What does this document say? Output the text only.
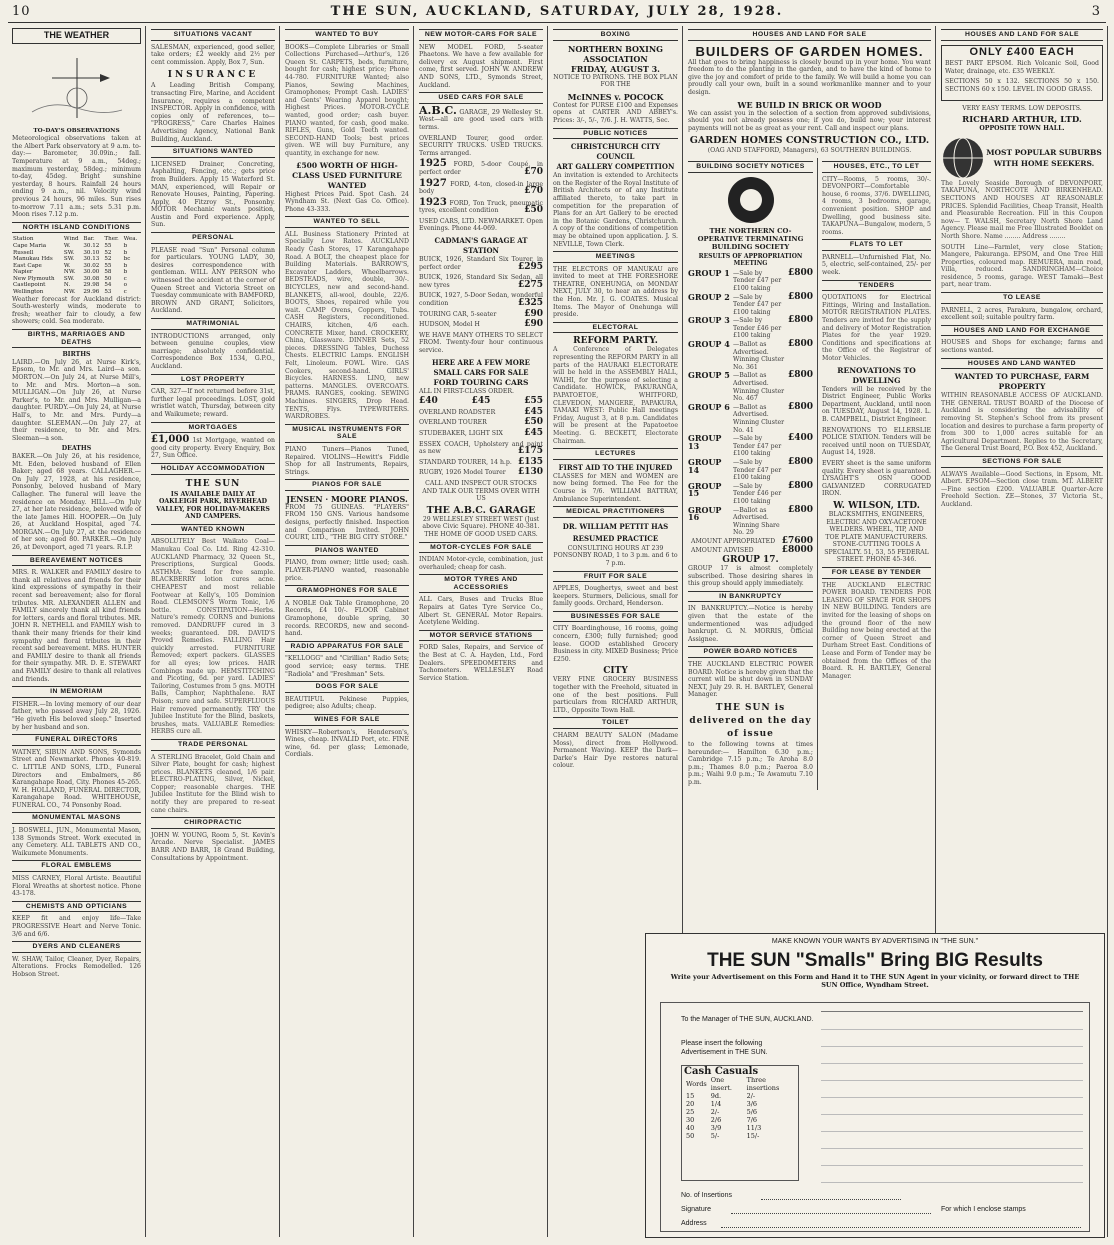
10	THE SUN, AUCKLAND, SATURDAY, JULY 28, 1928.	3
THE WEATHER
TO-DAY'S OBSERVATIONS
Meteorological observations taken at the Albert Park observatory at 9 a.m. to-day:— Barometer, 30.09in.; fall. Temperature at 9 a.m., 54deg.; maximum yesterday, 58deg.; minimum to-day, 45deg. Bright sunshine yesterday, 8 hours. Rainfall 24 hours ending 9 a.m., nil. Velocity wind previous 24 hours, 96 miles. Sun rises to-morrow 7.11 a.m.; sets 5.31 p.m. Moon rises 7.12 p.m.
NORTH ISLAND CONDITIONS
Station	Wind	Bar.	Ther.	Wea.
Cape Maria	W.	30.12	55	b
Russell	SW.	30.10	52	b
Manukau Hds	SW.	30.13	52	bc
East Cape	W.	30.02	55	b
Napier	NW.	30.00	58	b
New Plymouth	SW.	30.08	50	c
Castlepoint	N.	29.98	54	o
Wellington	NW.	29.96	53	c
Weather forecast for Auckland district: South-westerly winds, moderate to fresh; weather fair to cloudy, a few showers; cold. Sea moderate.
BIRTHS, MARRIAGES AND DEATHS
BIRTHS
LAIRD.—On July 26, at Nurse Kirk's, Epsom, to Mr. and Mrs. Laird—a son. MORTON.—On July 24, at Nurse Mill's, to Mr. and Mrs. Morton—a son. MULLIGAN.—On July 26, at Nurse Parker's, to Mr. and Mrs. Mulligan—a daughter. PURDY.—On July 24, at Nurse Hall's, to Mr. and Mrs. Purdy—a daughter. SLEEMAN.—On July 27, at their residence, to Mr. and Mrs. Sleeman—a son.
DEATHS
BAKER.—On July 26, at his residence, Mt. Eden, beloved husband of Ellen Baker; aged 68 years. CALLAGHER.—On July 27, 1928, at his residence, Ponsonby, beloved husband of Mary Callagher. The funeral will leave the residence on Monday. HILL.—On July 27, at her late residence, beloved wife of the late James Hill. HOOPER.—On July 26, at Auckland Hospital, aged 74. MORGAN.—On July 27, at the residence of her son; aged 80. PARKER.—On July 26, at Devonport, aged 71 years. R.I.P.
BEREAVEMENT NOTICES
MRS. R. WALKER and FAMILY desire to thank all relatives and friends for their kind expressions of sympathy in their recent sad bereavement; also for floral tributes. MR. ALEXANDER ALLEN and FAMILY sincerely thank all kind friends for letters, cards and floral tributes. MR. JOHN R. NETHELL and FAMILY wish to thank their many friends for their kind sympathy and floral tributes in their recent sad bereavement. MRS. HUNTER and FAMILY desire to thank all friends for their sympathy. MR. D. E. STEWART and FAMILY desire to thank all relatives and friends.
IN MEMORIAM
FISHER.—In loving memory of our dear father, who passed away July 28, 1926. "He giveth His beloved sleep." Inserted by her husband and son.
FUNERAL DIRECTORS
WATNEY, SIBUN AND SONS, Symonds Street and Newmarket. Phones 40-819. C. LITTLE AND SONS, LTD., Funeral Directors and Embalmers, 86 Karangahape Road, City. Phones 45-265. W. H. HOLLAND, FUNERAL DIRECTOR, Karangahape Road. WHITEHOUSE, FUNERAL CO., 74 Ponsonby Road.
MONUMENTAL MASONS
J. BOSWELL, JUN., Monumental Mason, 138 Symonds Street. Work executed in any Cemetery. ALL TABLETS AND CO., Waikumete Monuments.
FLORAL EMBLEMS
MISS CARNEY, Floral Artiste. Beautiful Floral Wreaths at shortest notice. Phone 43-178.
CHEMISTS AND OPTICIANS
KEEP fit and enjoy life—Take PROGRESSIVE Heart and Nerve Tonic. 3/6 and 6/6.
DYERS AND CLEANERS
W. SHAW, Tailor, Cleaner, Dyer, Repairs, Alterations. Frocks Remodelled. 126 Hobson Street.
SITUATIONS VACANT
SALESMAN, experienced, good seller, take orders; £2 weekly and 2½ per cent commission. Apply, Box 7, Sun.
INSURANCE
A Leading British Company, transacting Fire, Marine, and Accident Insurance, requires a competent INSPECTOR. Apply in confidence, with copies only of references, to— "PROGRESS," Care Charles Haines Advertising Agency, National Bank Building, Auckland.
SITUATIONS WANTED
LICENSED Drainer, Concreting, Asphalting, Fencing, etc.; gets price from Builders. Apply 15 Waterford St. MAN, experienced, will Repair or Renovate Houses, Painting, Papering. Apply, 40 Fitzroy St., Ponsonby. MOTOR Mechanic wants position, Austin and Ford experience. Apply, Sun.
PERSONAL
PLEASE read "Sun" Personal column for particulars. YOUNG LADY, 30, desires correspondence with gentleman. WILL ANY PERSON who witnessed the accident at the corner of Queen Street and Victoria Street on Tuesday communicate with BAMFORD, BROWN AND GRANT, Solicitors, Auckland.
MATRIMONIAL
INTRODUCTIONS arranged, only between genuine couples, view marriage; absolutely confidential. Correspondence Box 1534, G.P.O., Auckland.
LOST PROPERTY
CAR, 327—If not returned before 31st, further legal proceedings. LOST, gold wristlet watch, Thursday, between city and Waikumete; reward.
MORTGAGES
£1,000 1st Mortgage, wanted on good city property. Every Enquiry, Box 27, Sun Office.
HOLIDAY ACCOMMODATION
THE SUN
IS AVAILABLE DAILY AT OAKLEIGH PARK, RIVERHEAD VALLEY, FOR HOLIDAY-MAKERS AND CAMPERS.
WANTED KNOWN
ABSOLUTELY Best Waikato Coal—Manukau Coal Co. Ltd. Ring 42-310. AUCKLAND Pharmacy, 32 Queen St., Prescriptions, Surgical Goods. ASTHMA: Send for free sample. BLACKBERRY lotion cures acne. CHEAPEST and most reliable Footwear at Kelly's, 105 Dominion Road. CLEMSON'S Worm Tonic, 1/6 bottle. CONSTIPATION—Herbs. Nature's remedy. CORNS and bunions removed. DANDRUFF cured in 3 weeks; guaranteed. DR. DAVID'S Proved Remedies. FALLING Hair quickly arrested. FURNITURE Removed; expert packers. GLASSES for all eyes; low prices. HAIR Combings made up. HEMSTITCHING and Picoting, 6d. per yard. LADIES' Tailoring, Costumes from 5 gns. MOTH Balls, Camphor, Naphthalene. RAT Poison; sure and safe. SUPERFLUOUS Hair removed permanently. TRY the Jubilee Institute for the Blind, baskets, brushes, mats. VALUABLE Remedies: HERBS cure all.
TRADE PERSONAL
A STERLING Bracelet, Gold Chain and Silver Plate, bought for cash; highest prices. BLANKETS cleaned, 1/6 pair. ELECTRO-PLATING, Silver, Nickel, Copper; reasonable charges. THE Jubilee Institute for the Blind wish to notify they are prepared to re-seat cane chairs.
CHIROPRACTIC
JOHN W. YOUNG, Room 5, St. Kevin's Arcade. Nerve Specialist. JAMES BARR AND BARR, 18 Grand Building, Consultations by Appointment.
WANTED TO BUY
BOOKS—Complete Libraries or Small Collections Purchased—Arthur's, 126 Queen St. CARPETS, beds, furniture, bought for cash; highest price; Phone 44-780. FURNITURE Wanted; also Pianos, Sewing Machines, Gramophones; Prompt Cash. LADIES' and Gents' Wearing Apparel bought; Highest Prices. MOTOR-CYCLE wanted, good order; cash buyer. PIANO wanted, for cash, good make. RIFLES, Guns, Gold Teeth wanted. SECOND-HAND Tools; best prices given. WE will buy Furniture, any quantity, in exchange for new.
£500 WORTH OF HIGH-CLASS USED FURNITURE WANTED
Highest Prices Paid. Spot Cash. 24 Wyndham St. (Next Gas Co. Office). Phone 43-333.
WANTED TO SELL
ALL Business Stationery Printed at Specially Low Rates. AUCKLAND Ready Cash Stores, 17 Karangahape Road. A BOLT, the cheapest place for Building Materials. BARROW'S, Excavator Ladders, Wheelbarrows. BEDSTEADS, wire, double, 30/-. BICYCLES, new and second-hand. BLANKETS, all-wool, double, 22/6. BOOTS, Shoes, repaired while you wait. CAMP Ovens, Coppers, Tubs. CASH Registers, reconditioned. CHAIRS, kitchen, 4/6 each. CONCRETE Mixer, hand. CROCKERY, China, Glassware. DINNER Sets, 52 pieces. DRESSING Tables, Duchess Chests. ELECTRIC Lamps. ENGLISH Felt, Linoleum. FOWL Wire. GAS Cookers, second-hand. GIRLS' Bicycles. HARNESS. LINO, new patterns. MANGLES. OVERCOATS. PRAMS. RANGES, cooking. SEWING Machines. SINGERS, Drop Head. TENTS, Flys. TYPEWRITERS. WARDROBES.
MUSICAL INSTRUMENTS FOR SALE
PIANO Tuners—Pianos Tuned, Repaired. VIOLINS—Hewitt's Fiddle Shop for all Instruments, Repairs, Strings.
PIANOS FOR SALE
JENSEN · MOORE PIANOS.
FROM 75 GUINEAS. "PLAYERS" FROM 150 GNS. Various handsome designs, perfectly finished. Inspection and Comparison Invited. JOHN COURT, LTD., "THE BIG CITY STORE."
PIANOS WANTED
PIANO, from owner; little used; cash. PLAYER-PIANO wanted, reasonable price.
GRAMOPHONES FOR SALE
A NOBLE Oak Table Gramophone, 20 Records, £4 10/-. FLOOR Cabinet Gramophone, double spring, 30 records. RECORDS, new and second-hand.
RADIO APPARATUS FOR SALE
"KELLOGG" and "Cirillian" Radio Sets; good service; easy terms. THE "Radiola" and "Freshman" Sets.
DOGS FOR SALE
BEAUTIFUL Pekinese Puppies, pedigree; also Adults; cheap.
WINES FOR SALE
WHISKY—Robertson's, Henderson's, Wines, cheap. INVALID Port, etc. FINE wine, 6d. per glass; Lemonade, Cordials.
NEW MOTOR-CARS FOR SALE
NEW MODEL FORD, 5-seater Phaetons. We have a few available for delivery ex August shipment. First come, first served. JOHN W. ANDREW AND SONS, LTD., Symonds Street, Auckland.
USED CARS FOR SALE
A.B.C. GARAGE, 29 Wellesley St. West—all are good used cars with terms.
OVERLAND Tourer, good order. SECURITY TRUCKS. USED TRUCKS. Terms arranged.
1925 FORD, 5-door Coupé, in perfect order	£70
1927 FORD, 4-ton, closed-in large body	£70
1923 FORD, Ton Truck, pneumatic tyres, excellent condition	£50
USED CARS, LTD. NEWMARKET. Open Evenings. Phone 44-069.
CADMAN'S GARAGE AT STATION
BUICK, 1926, Standard Six Tourer, in perfect order	£295
BUICK, 1926, Standard Six Sedan, all new tyres	£275
BUICK, 1927, 5-Door Sedan, wonderful condition	£325
TOURING CAR, 5-seater	£90
HUDSON, Model H	£90
WE HAVE MANY OTHERS TO SELECT FROM. Twenty-four hour continuous service.
HERE ARE A FEW MORE SMALL CARS FOR SALE
FORD TOURING CARS
ALL IN FIRST-CLASS ORDER.
£40	£45	£55
OVERLAND ROADSTER	£45
OVERLAND TOURER	£50
STUDEBAKER, LIGHT SIX £45
ESSEX COACH, Upholstery and paint as new	£175
STANDARD TOURER, 14 h.p. £135
RUGBY, 1926 Model Tourer £130
CALL AND INSPECT OUR STOCKS AND TALK OUR TERMS OVER WITH US
THE A.B.C. GARAGE
29 WELLESLEY STREET WEST (Just above Civic Square). PHONE 40-381. THE HOME OF GOOD USED CARS.
MOTOR-CYCLES FOR SALE
INDIAN Motor-cycle, combination, just overhauled; cheap for cash.
MOTOR TYRES AND ACCESSORIES
ALL Cars, Buses and Trucks Blue Repairs at Gates Tyre Service Co., Albert St. GENERAL Motor Repairs. Acetylene Welding.
MOTOR SERVICE STATIONS
FORD Sales, Repairs, and Service of the Best at C. A. Hayden, Ltd., Ford Dealers. SPEEDOMETERS and Tachometers. WELLESLEY Road Service Station.
BOXING
NORTHERN BOXING ASSOCIATION
FRIDAY, AUGUST 3.
NOTICE TO PATRONS. THE BOX PLAN FOR THE
McINNES v. POCOCK
Contest for PURSE £100 and Expenses opens at CARTER AND ABBEY's. Prices: 3/-, 5/-, 7/6. J. H. WATTS, Sec.
PUBLIC NOTICES
CHRISTCHURCH CITY COUNCIL
ART GALLERY COMPETITION
An invitation is extended to Architects on the Register of the Royal Institute of British Architects or of any Institute affiliated thereto, to take part in competition for the preparation of Plans for an Art Gallery to be erected in the Botanic Gardens, Christchurch. A copy of the conditions of competition may be obtained upon application. J. S. NEVILLE, Town Clerk.
MEETINGS
THE ELECTORS OF MANUKAU are invited to meet at THE FORESHORE THEATRE, ONEHUNGA, on MONDAY NEXT, JULY 30, to hear an address by the Hon. Mr. J. G. COATES. Musical Items. The Mayor of Onehunga will preside.
ELECTORAL
REFORM PARTY.
A Conference of Delegates representing the REFORM PARTY in all parts of the HAURAKI ELECTORATE will be held in the ASSEMBLY HALL, WAIHI, for the purpose of selecting a Candidate. HOWICK, PAKURANGA, PAPATOETOE, WHITFORD, CLEVEDON, MANGERE, PAPAKURA, TAMAKI WEST: Public Hall meetings Friday, August 3, at 8 p.m. Candidates will be present at the Papatoetoe Meeting. G. BECKETT, Electorate Chairman.
LECTURES
FIRST AID TO THE INJURED
CLASSES for MEN and WOMEN are now being formed. The Fee for the Course is 7/6. WILLIAM BATTRAY, Ambulance Superintendent.
MEDICAL PRACTITIONERS
DR. WILLIAM PETTIT HAS RESUMED PRACTICE
CONSULTING HOURS AT 239 PONSONBY ROAD, 1 to 3 p.m. and 6 to 7 p.m.
FRUIT FOR SALE
APPLES, Doughertys, sweet and best keepers. Sturmers, Delicious, small for family goods. Orchard, Henderson.
BUSINESSES FOR SALE
CITY Boardinghouse, 16 rooms, going concern, £300; fully furnished; good lease. GOOD established Grocery Business in city. MIXED Business; Price £250.
CITY
VERY FINE GROCERY BUSINESS together with the Freehold, situated in one of the best positions. Full particulars from RICHARD ARTHUR, LTD., Opposite Town Hall.
TOILET
CHARM BEAUTY SALON (Madame Moss), direct from Hollywood. Permanent Waving. KEEP the Dark—Darke's Hair Dye restores natural colour.
HOUSES AND LAND FOR SALE
BUILDERS OF GARDEN HOMES.
All that goes to bring happiness is closely bound up in your home. You want freedom to do the planting in the garden, and to have the kind of home to give the joy and comfort of pride to the family. We will build a home you can proudly call your own, built in a sound workmanlike manner and to your design.
WE BUILD IN BRICK OR WOOD
We can assist you in the selection of a section from approved subdivisions, should you not already possess one; if you do, build now; your interest payments will not be as great as your rent. Call and inspect our plans.
GARDEN HOMES CONSTRUCTION CO., LTD.
(OAG AND STAFFORD, Managers), 63 SOUTHERN BUILDINGS.
BUILDING SOCIETY NOTICES
THE NORTHERN CO-OPERATIVE TERMINATING BUILDING SOCIETY
RESULTS OF APPROPRIATION MEETING
GROUP 1 —Sale by Tender £47 per £100 taking
£800
GROUP 2 —Sale by Tender £47 per £100 taking
£800
GROUP 3 —Sale by Tender £46 per £100 taking
£800
GROUP 4 —Ballot as Advertised. Winning Cluster No. 361
£800
GROUP 5 —Ballot as Advertised. Winning Cluster No. 467
£800
GROUP 6 —Ballot as Advertised. Winning Cluster No. 41
£800
GROUP 13
—Sale by Tender £47 per £100 taking
£400
GROUP 14
—Sale by Tender £47 per £100 taking
£800
GROUP 15
—Sale by Tender £46 per £100 taking
£800
GROUP 16
—Ballot as Advertised. Winning Share No. 29
£800
AMOUNT APPROPRIATED £7600
AMOUNT ADVISED	£8000
GROUP 17.
GROUP 17 is almost completely subscribed. Those desiring shares in this group should apply immediately.
IN BANKRUPTCY
IN BANKRUPTCY.—Notice is hereby given that the estate of the undermentioned was adjudged bankrupt. G. N. MORRIS, Official Assignee.
POWER BOARD NOTICES
THE AUCKLAND ELECTRIC POWER BOARD. Notice is hereby given that the current will be shut down in SUNDAY NEXT, July 29. R. H. BARTLEY, General Manager.
THE SUN is delivered on the day of issue
to the following towns at times hereunder:— Hamilton 6.30 p.m.; Cambridge 7.15 p.m.; Te Aroha 8.0 p.m.; Thames 8.0 p.m.; Paeroa 8.0 p.m.; Waihi 9.0 p.m.; Te Awamutu 7.10 p.m.
HOUSES, ETC., TO LET
CITY—Rooms, 5 rooms, 30/-. DEVONPORT—Comfortable house, 6 rooms, 37/6. DWELLING, 4 rooms, 3 bedrooms, garage, convenient position. SHOP and Dwelling, good business site. TAKAPUNA—Bungalow, modern, 5 rooms.
FLATS TO LET
PARNELL—Unfurnished Flat, No. 5, electric, self-contained, 25/- per week.
TENDERS
QUOTATIONS for Electrical Fittings, Wiring and Installation. MOTOR REGISTRATION PLATES. Tenders are invited for the supply and delivery of Motor Registration Plates for the year 1929. Conditions and specifications at the Office of the Registrar of Motor Vehicles.
RENOVATIONS TO DWELLING
Tenders will be received by the District Engineer, Public Works Department, Auckland, until noon on TUESDAY, August 14, 1928. L. B. CAMPBELL, District Engineer.
RENOVATIONS TO ELLERSLIE POLICE STATION. Tenders will be received until noon on TUESDAY, August 14, 1928.
EVERY sheet is the same uniform quality. Every sheet is guaranteed. LYSAGHT'S OSN GOOD GALVANIZED CORRUGATED IRON.
W. WILSON, LTD.
BLACKSMITHS, ENGINEERS, ELECTRIC AND OXY-ACETONE WELDERS. WHEEL, TIP, AND TOE PLATE MANUFACTURERS. STONE-CUTTING TOOLS A SPECIALTY. 51, 53, 55 FEDERAL STREET. PHONE 45-346.
FOR LEASE BY TENDER
THE AUCKLAND ELECTRIC POWER BOARD. TENDERS FOR LEASING OF SPACE FOR SHOPS IN NEW BUILDING. Tenders are invited for the leasing of shops on the ground floor of the new Building now being erected at the corner of Queen Street and Durham Street East. Conditions of Lease and Form of Tender may be obtained from the Offices of the Board. R. H. BARTLEY, General Manager.
HOUSES AND LAND FOR SALE
ONLY £400 EACH
BEST PART EPSOM. Rich Volcanic Soil, Good Water, drainage, etc. £35 WEEKLY.
SECTIONS 50 x 132. SECTIONS 50 x 150. SECTIONS 60 x 150. LEVEL IN GOOD GRASS.
VERY EASY TERMS. LOW DEPOSITS.
RICHARD ARTHUR, LTD.
OPPOSITE TOWN HALL.
MOST POPULAR SUBURBS WITH HOME SEEKERS.
The Lovely Seaside Borough of DEVONPORT, TAKAPUNA, NORTHCOTE AND BIRKENHEAD. SECTIONS AND HOUSES AT REASONABLE PRICES. Splendid Facilities, Cheap Transit, Health and Pleasurable Recreation. Fill in this Coupon now— T. WALSH, Secretary North Shore Land Agency. Please mail me Free Illustrated Booklet on North Shore. Name ........ Address ........
SOUTH Line—Farmlet, very close Station; Mangere, Pakuranga. EPSOM, and One Tree Hill Properties, coloured map. REMUERA, main road, Villa, reduced. SANDRINGHAM—Choice residence, 5 rooms, garage. WEST Tamaki—Best part, near tram.
TO LEASE
PARNELL, 2 acres, Parakura, bungalow, orchard, excellent soil; suitable poultry farm.
HOUSES AND LAND FOR EXCHANGE
HOUSES and Shops for exchange; farms and sections wanted.
HOUSES AND LAND WANTED
WANTED TO PURCHASE, FARM PROPERTY
WITHIN REASONABLE ACCESS OF AUCKLAND. THE GENERAL TRUST BOARD of the Diocese of Auckland is considering the advisability of removing St. Stephen's School from its present location and desires to purchase a farm property of from 300 to 1,000 acres suitable for an Agricultural Department. Replies to the Secretary, The General Trust Board, P.O. Box 452, Auckland.
SECTIONS FOR SALE
ALWAYS Available—Good Sections, in Epsom, Mt. Albert. EPSOM—Section close tram. MT. ALBERT—Fine section £200. VALUABLE Quarter-Acre Freehold Section. ZE—Stones, 37 Victoria St., Auckland.
MAKE KNOWN YOUR WANTS BY ADVERTISING IN "THE SUN."
THE SUN "Smalls" Bring BIG Results
Write your Advertisement on this Form and Hand it to THE SUN Agent in your vicinity, or forward direct to THE SUN Office, Wyndham Street.
To the Manager of THE SUN, AUCKLAND.
Please insert the following Advertisement in THE SUN.
Cash Casuals
Words	One insert.	Three insertions
15	9d.	2/-
20	1/4	3/6
25	2/-	5/6
30	2/6	7/6
40	3/9	11/3
50	5/-	15/-
No. of Insertions
Signature	For which I enclose stamps
Address
